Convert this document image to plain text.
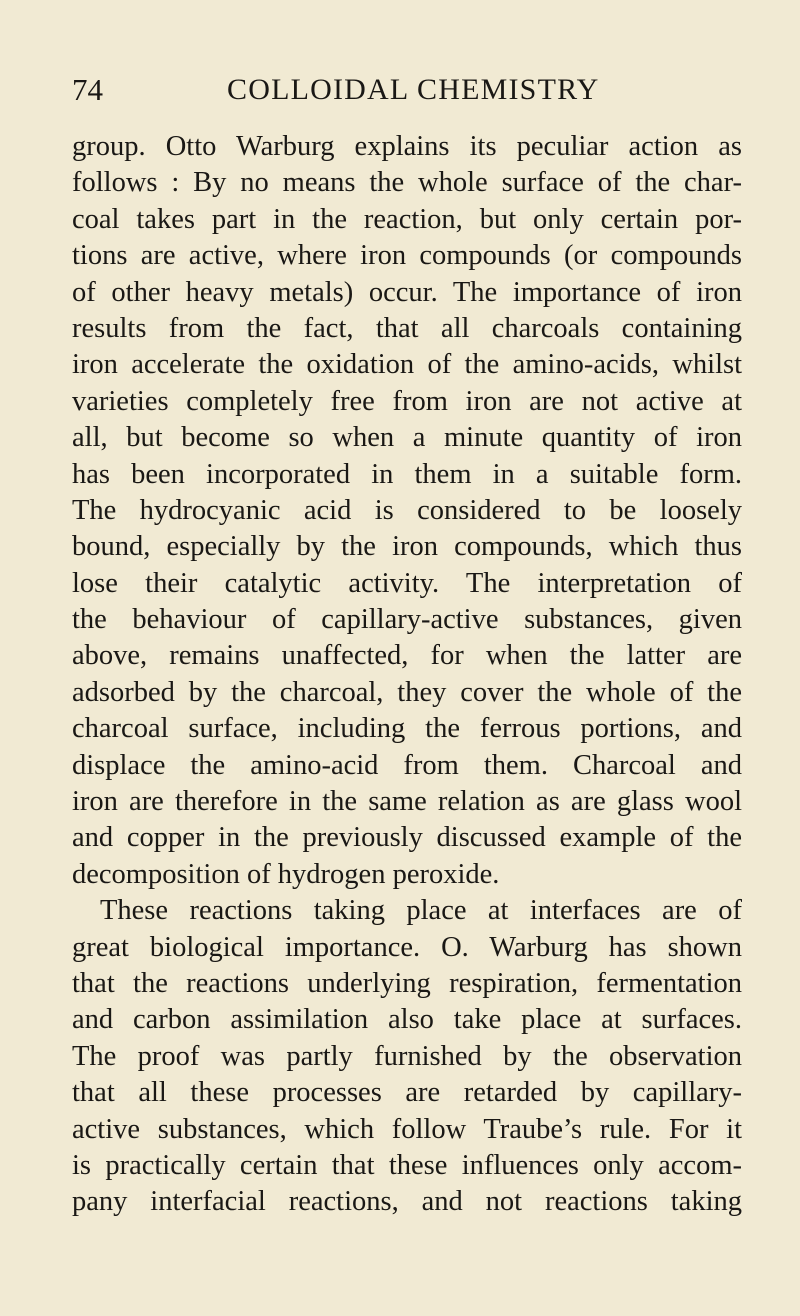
74	COLLOIDAL CHEMISTRY
group. Otto Warburg explains its peculiar action as
follows : By no means the whole surface of the char-
coal takes part in the reaction, but only certain por-
tions are active, where iron compounds (or compounds
of other heavy metals) occur. The importance of iron
results from the fact, that all charcoals containing
iron accelerate the oxidation of the amino-acids, whilst
varieties completely free from iron are not active at
all, but become so when a minute quantity of iron
has been incorporated in them in a suitable form.
The hydrocyanic acid is considered to be loosely
bound, especially by the iron compounds, which thus
lose their catalytic activity. The interpretation of
the behaviour of capillary-active substances, given
above, remains unaffected, for when the latter are
adsorbed by the charcoal, they cover the whole of the
charcoal surface, including the ferrous portions, and
displace the amino-acid from them. Charcoal and
iron are therefore in the same relation as are glass wool
and copper in the previously discussed example of the
decomposition of hydrogen peroxide.
These reactions taking place at interfaces are of
great biological importance. O. Warburg has shown
that the reactions underlying respiration, fermentation
and carbon assimilation also take place at surfaces.
The proof was partly furnished by the observation
that all these processes are retarded by capillary-
active substances, which follow Traube’s rule. For it
is practically certain that these influences only accom-
pany interfacial reactions, and not reactions taking
